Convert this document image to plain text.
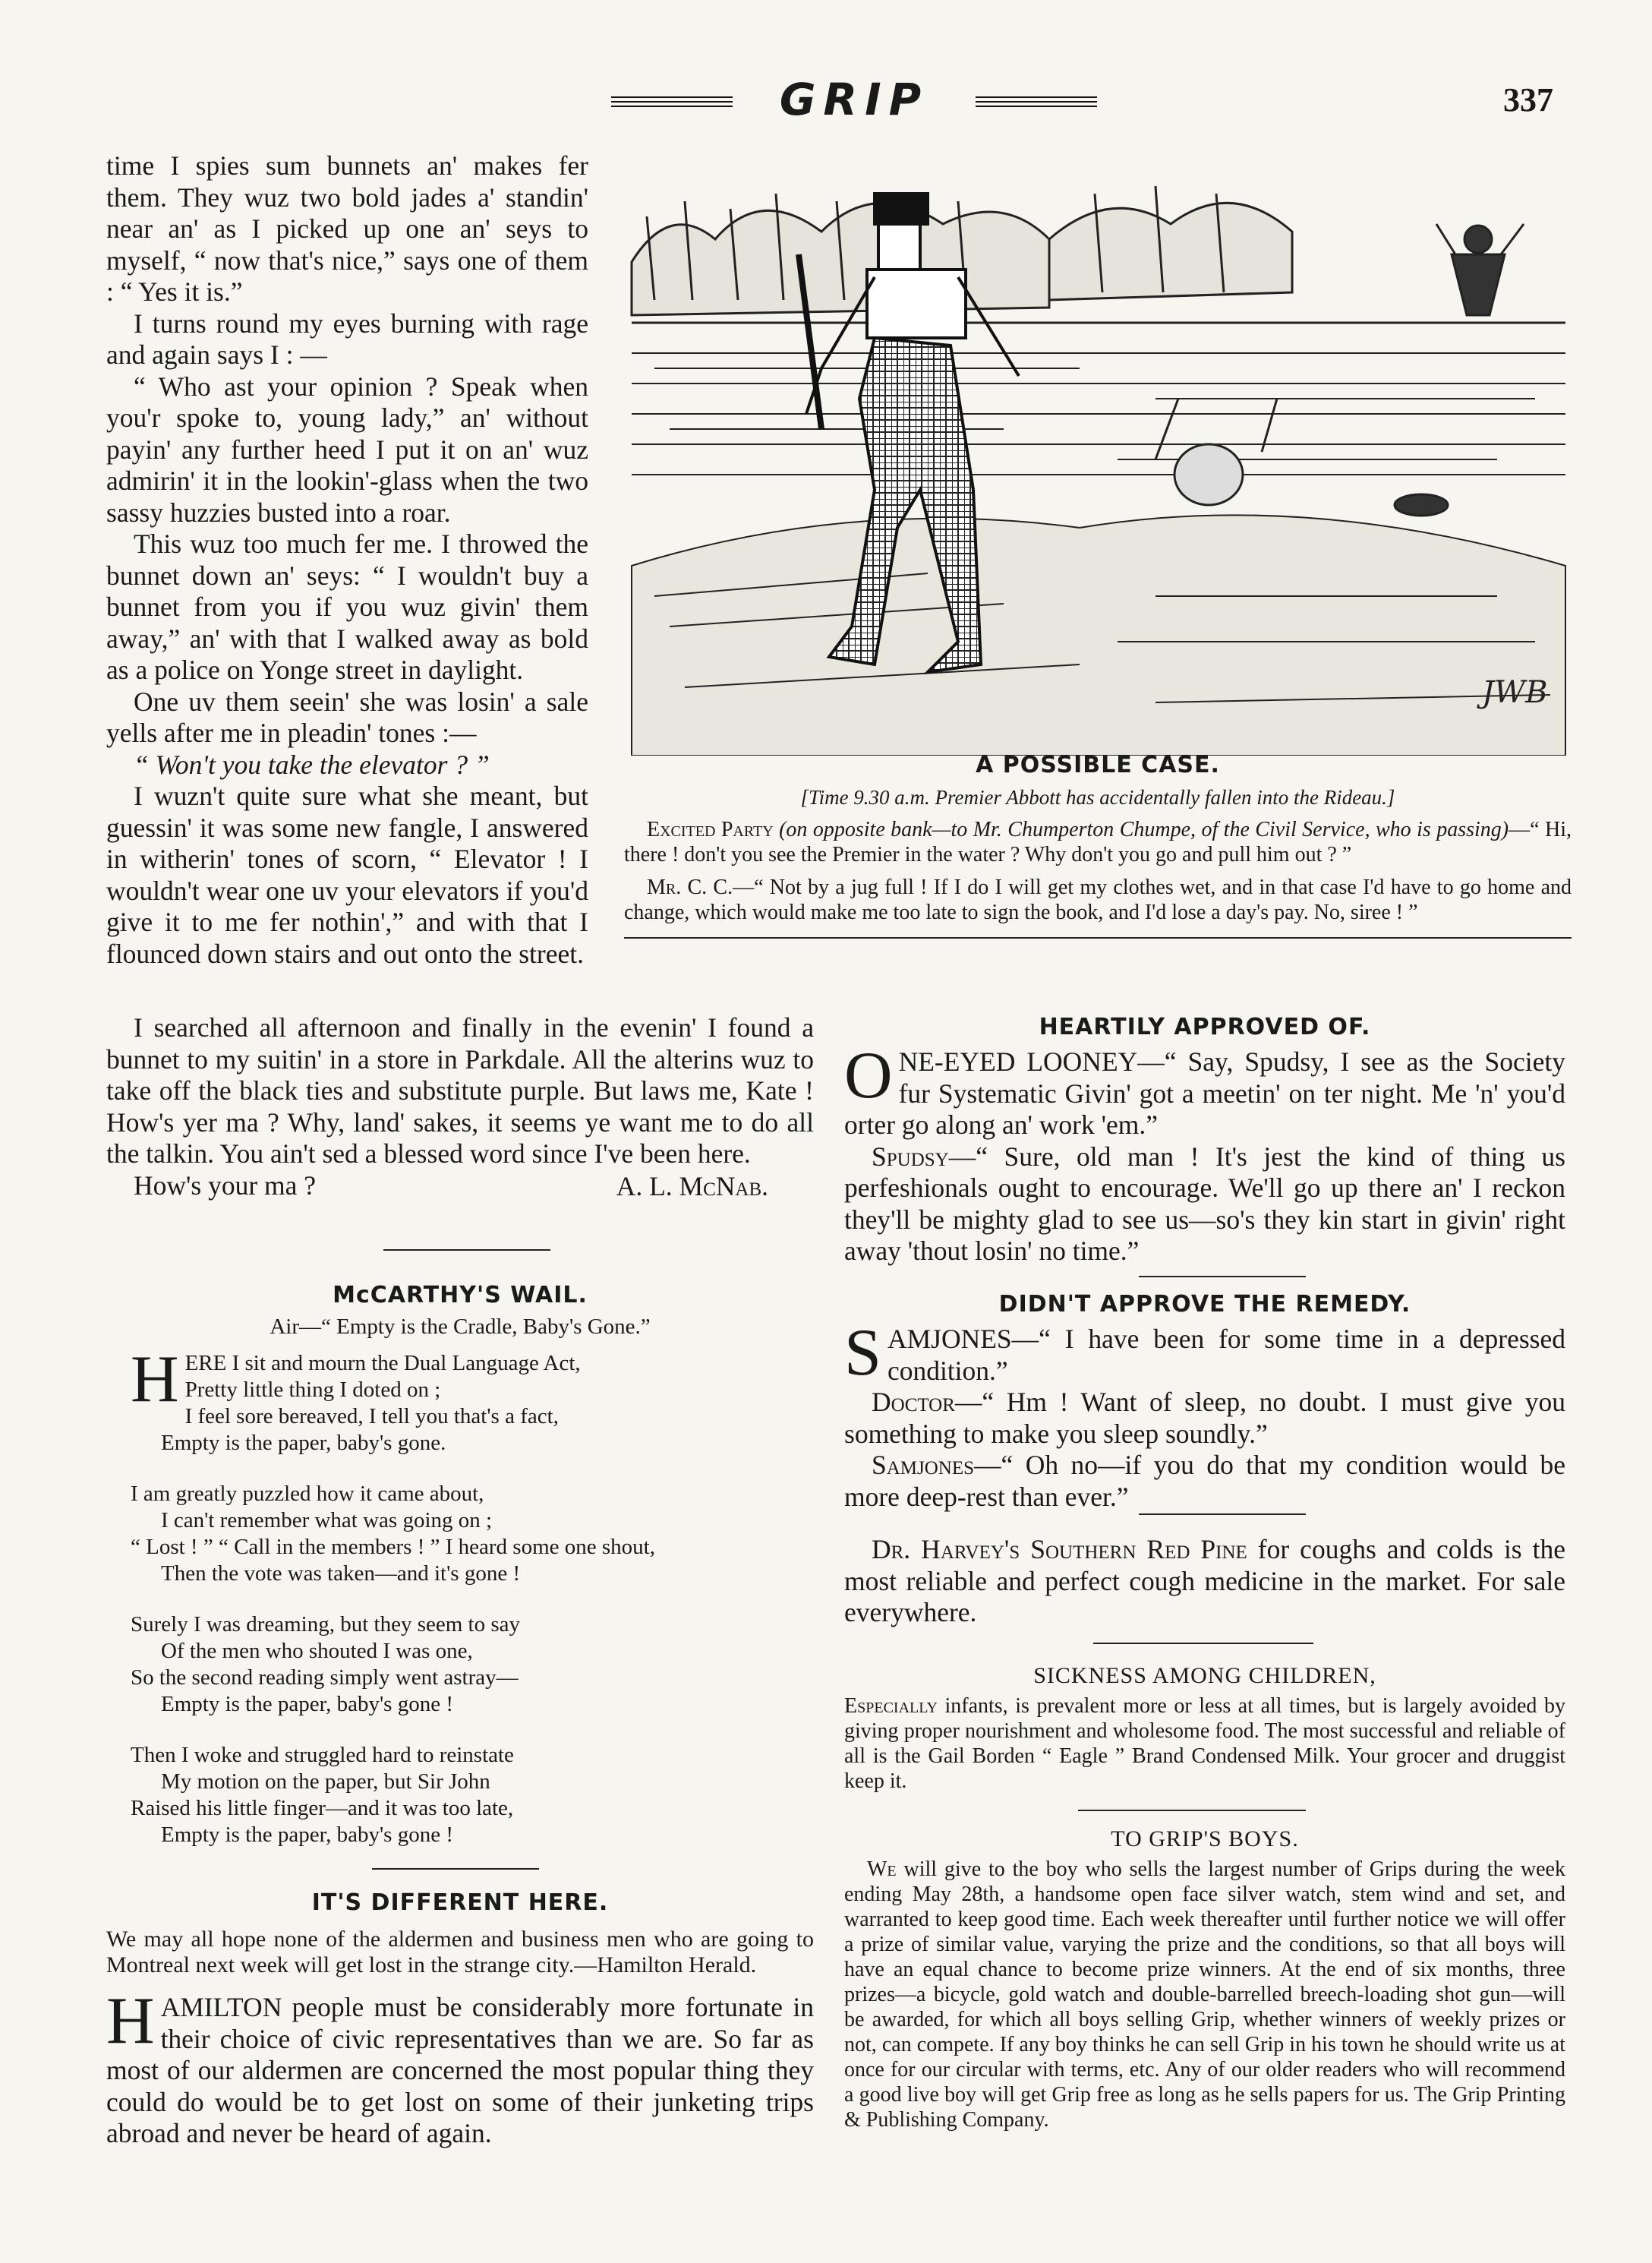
GRIP	337

time I spies sum bunnets an' makes fer them. They wuz two bold jades a' standin' near an' as I picked up one an' seys to myself, “ now that's nice,” says one of them : “ Yes it is.”

I turns round my eyes burning with rage and again says I : —

“ Who ast your opinion ? Speak when you'r spoke to, young lady,” an' without payin' any further heed I put it on an' wuz admirin' it in the lookin'-glass when the two sassy huzzies busted into a roar.

This wuz too much fer me. I throwed the bunnet down an' seys: “ I wouldn't buy a bunnet from you if you wuz givin' them away,” an' with that I walked away as bold as a police on Yonge street in daylight.

One uv them seein' she was losin' a sale yells after me in pleadin' tones :—

“ Won't you take the elevator ? ”

I wuzn't quite sure what she meant, but guessin' it was some new fangle, I answered in witherin' tones of scorn, “ Elevator ! I wouldn't wear one uv your elevators if you'd give it to me fer nothin',” and with that I flounced down stairs and out onto the street.

I searched all afternoon and finally in the evenin' I found a bunnet to my suitin' in a store in Parkdale. All the alterins wuz to take off the black ties and substitute purple. But laws me, Kate ! How's yer ma ? Why, land' sakes, it seems ye want me to do all the talkin. You ain't sed a blessed word since I've been here.

How's your ma ?	A. L. McNab.
JWB
A POSSIBLE CASE.
[Time 9.30 a.m. Premier Abbott has accidentally fallen into the Rideau.]

Excited Party (on opposite bank—to Mr. Chumperton Chumpe, of the Civil Service, who is passing)—“ Hi, there ! don't you see the Premier in the water ? Why don't you go and pull him out ? ”

Mr. C. C.—“ Not by a jug full ! If I do I will get my clothes wet, and in that case I'd have to go home and change, which would make me too late to sign the book, and I'd lose a day's pay. No, siree ! ”

McCARTHY'S WAIL.
Air—“ Empty is the Cradle, Baby's Gone.”
H ERE I sit and mourn the Dual Language Act,
Pretty little thing I doted on ;
I feel sore bereaved, I tell you that's a fact,
Empty is the paper, baby's gone.
I am greatly puzzled how it came about,
I can't remember what was going on ;
“ Lost ! ” “ Call in the members ! ” I heard some one shout,
Then the vote was taken—and it's gone !
Surely I was dreaming, but they seem to say
Of the men who shouted I was one,
So the second reading simply went astray—
Empty is the paper, baby's gone !
Then I woke and struggled hard to reinstate
My motion on the paper, but Sir John
Raised his little finger—and it was too late,
Empty is the paper, baby's gone !
IT'S DIFFERENT HERE.
We may all hope none of the aldermen and business men who are going to Montreal next week will get lost in the strange city.—Hamilton Herald.
HAMILTON people must be considerably more fortunate in their choice of civic representatives than we are. So far as most of our aldermen are concerned the most popular thing they could do would be to get lost on some of their junketing trips abroad and never be heard of again.
HEARTILY APPROVED OF.
ONE-EYED LOONEY—“ Say, Spudsy, I see as the Society fur Systematic Givin' got a meetin' on ter night. Me 'n' you'd orter go along an' work 'em.”

Spudsy—“ Sure, old man ! It's jest the kind of thing us perfeshionals ought to encourage. We'll go up there an' I reckon they'll be mighty glad to see us—so's they kin start in givin' right away 'thout losin' no time.”

DIDN'T APPROVE THE REMEDY.
SAMJONES—“ I have been for some time in a depressed condition.”

Doctor—“ Hm ! Want of sleep, no doubt. I must give you something to make you sleep soundly.”

Samjones—“ Oh no—if you do that my condition would be more deep-rest than ever.”

Dr. Harvey's Southern Red Pine for coughs and colds is the most reliable and perfect cough medicine in the market. For sale everywhere.

SICKNESS AMONG CHILDREN,

Especially infants, is prevalent more or less at all times, but is largely avoided by giving proper nourishment and wholesome food. The most successful and reliable of all is the Gail Borden “ Eagle ” Brand Condensed Milk. Your grocer and druggist keep it.

TO GRIP'S BOYS.

We will give to the boy who sells the largest number of Grips during the week ending May 28th, a handsome open face silver watch, stem wind and set, and warranted to keep good time. Each week thereafter until further notice we will offer a prize of similar value, varying the prize and the conditions, so that all boys will have an equal chance to become prize winners. At the end of six months, three prizes—a bicycle, gold watch and double-barrelled breech-loading shot gun—will be awarded, for which all boys selling Grip, whether winners of weekly prizes or not, can compete. If any boy thinks he can sell Grip in his town he should write us at once for our circular with terms, etc. Any of our older readers who will recommend a good live boy will get Grip free as long as he sells papers for us. The Grip Printing & Publishing Company.
